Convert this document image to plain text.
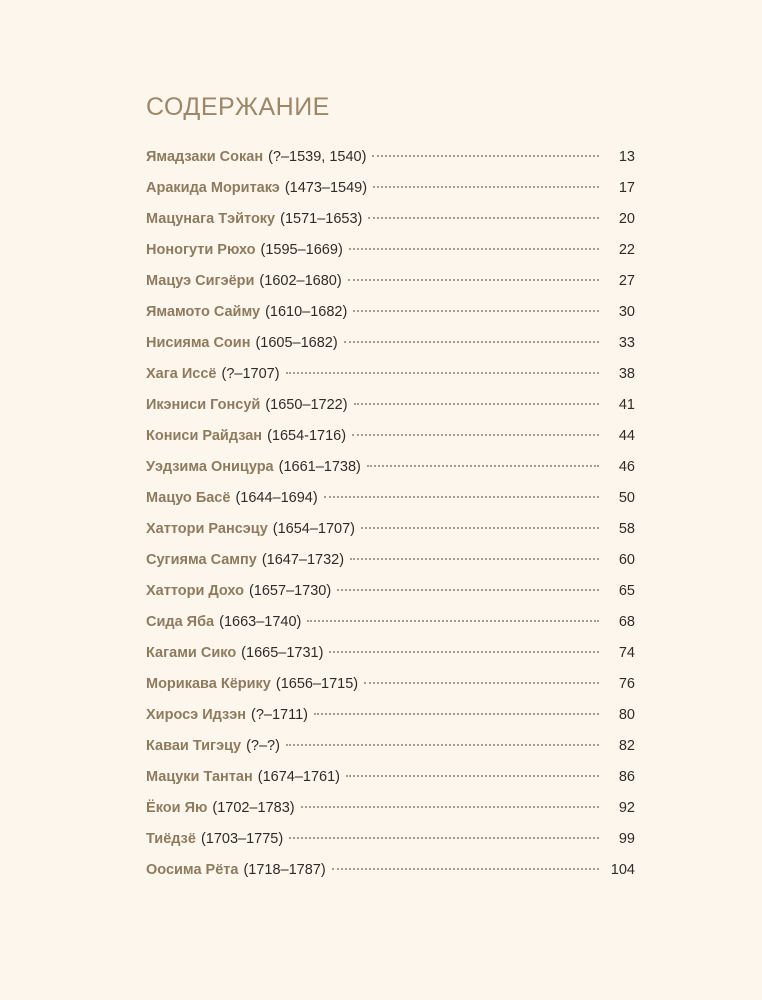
СОДЕРЖАНИЕ
Ямадзаки Сокан (?–1539, 1540)	13
Аракида Моритакэ (1473–1549)	17
Мацунага Тэйтоку (1571–1653)	20
Ноногути Рюхо (1595–1669)	22
Мацуэ Сигэёри (1602–1680)	27
Ямамото Сайму (1610–1682)	30
Нисияма Соин (1605–1682)	33
Хага Иссё (?–1707)	38
Икэниси Гонсуй (1650–1722)	41
Кониси Райдзан (1654-1716)	44
Уэдзима Оницура (1661–1738)	46
Мацуо Басё (1644–1694)	50
Хаттори Рансэцу (1654–1707)	58
Сугияма Сампу (1647–1732)	60
Хаттори Дохо (1657–1730)	65
Сида Яба (1663–1740)	68
Кагами Сико (1665–1731)	74
Морикава Кёрику (1656–1715)	76
Хиросэ Идзэн (?–1711)	80
Каваи Тигэцу (?–?)	82
Мацуки Тантан (1674–1761)	86
Ёкои Яю (1702–1783)	92
Тиёдзё (1703–1775)	99
Оосима Рёта (1718–1787)	104
